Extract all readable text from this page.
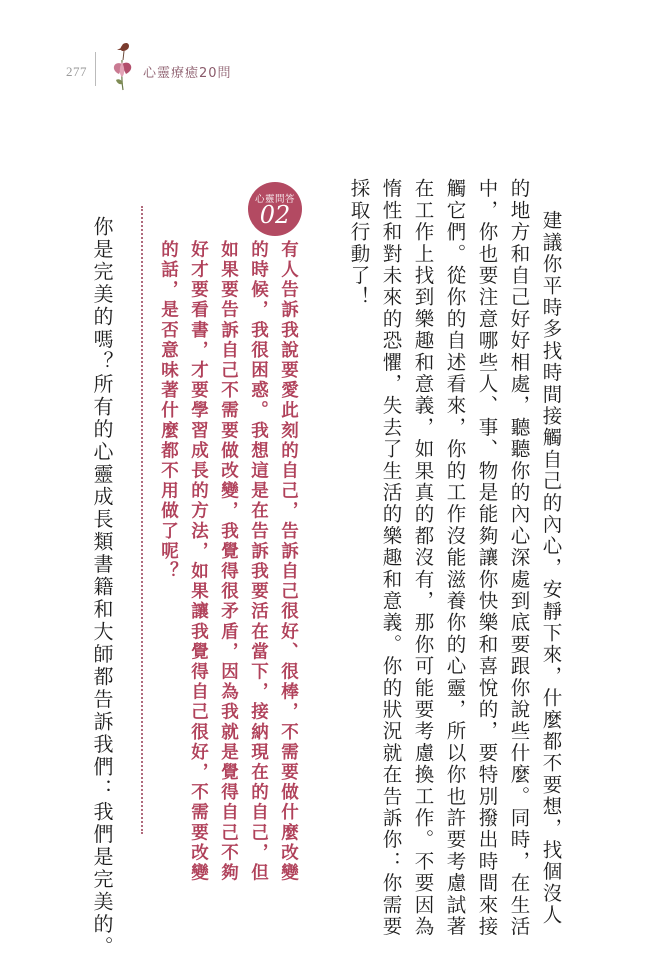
277	心靈療癒20問
建議你平時多找時間接觸自己的內心，安靜下來，什麼都不要想，找個沒人
的地方和自己好好相處，聽聽你的內心深處到底要跟你說些什麼。同時，在生活
中，你也要注意哪些人、事、物是能夠讓你快樂和喜悅的，要特別撥出時間來接
觸它們。從你的自述看來，你的工作沒能滋養你的心靈，所以你也許要考慮試著
在工作上找到樂趣和意義，如果真的都沒有，那你可能要考慮換工作。不要因為
惰性和對未來的恐懼，失去了生活的樂趣和意義。你的狀況就在告訴你：你需要
採取行動了！
心靈問答
02
有人告訴我說要愛此刻的自己，告訴自己很好、很棒，不需要做什麼改變
的時候，我很困惑。我想這是在告訴我要活在當下，接納現在的自己，但
如果要告訴自己不需要做改變，我覺得很矛盾，因為我就是覺得自己不夠
好才要看書，才要學習成長的方法，如果讓我覺得自己很好，不需要改變
的話，是否意味著什麼都不用做了呢？
你是完美的嗎？所有的心靈成長類書籍和大師都告訴我們：我們是完美的。
